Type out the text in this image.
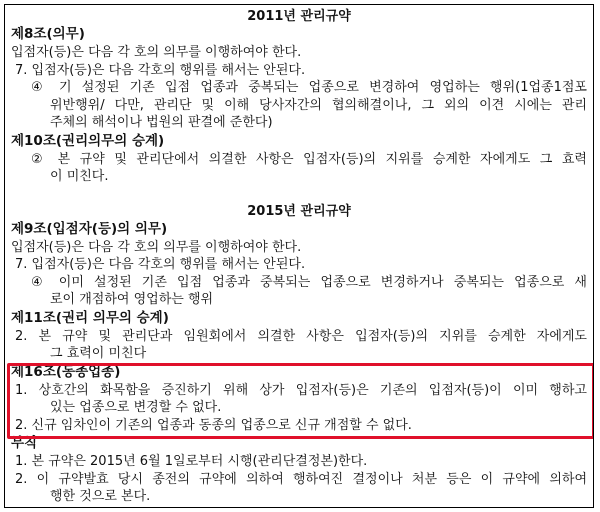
2011년 관리규약
제8조(의무)
입점자(등)은 다음 각 호의 의무를 이행하여야 한다.
7. 입점자(등)은 다음 각호의 행위를 해서는 안된다.
④ 기 설정된 기존 입점 업종과 중복되는 업종으로 변경하여 영업하는 행위(1업종1점포
위반행위/ 다만, 관리단 및 이해 당사자간의 협의해결이나, 그 외의 이견 시에는 관리
주체의 해석이나 법원의 판결에 준한다)
제10조(권리의무의 승계)
② 본 규약 및 관리단에서 의결한 사항은 입점자(등)의 지위를 승계한 자에게도 그 효력
이 미친다.
2015년 관리규약
제9조(입점자(등)의 의무)
입점자(등)은 다음 각 호의 의무를 이행하여야 한다.
7. 입점자(등)은 다음 각호의 행위를 해서는 안된다.
④ 이미 설정된 기존 입점 업종과 중복되는 업종으로 변경하거나 중복되는 업종으로 새
로이 개점하여 영업하는 행위
제11조(권리 의무의 승계)
2. 본 규약 및 관리단과 임원회에서 의결한 사항은 입점자(등)의 지위를 승계한 자에게도
그 효력이 미친다
제16조(동종업종)
1. 상호간의 화목함을 증진하기 위해 상가 입점자(등)은 기존의 입점자(등)이 이미 행하고
있는 업종으로 변경할 수 없다.
2. 신규 임차인이 기존의 업종과 동종의 업종으로 신규 개점할 수 없다.
부칙
1. 본 규약은 2015년 6월 1일로부터 시행(관리단결정본)한다.
2. 이 규약발효 당시 종전의 규약에 의하여 행하여진 결정이나 처분 등은 이 규약에 의하여
행한 것으로 본다.
